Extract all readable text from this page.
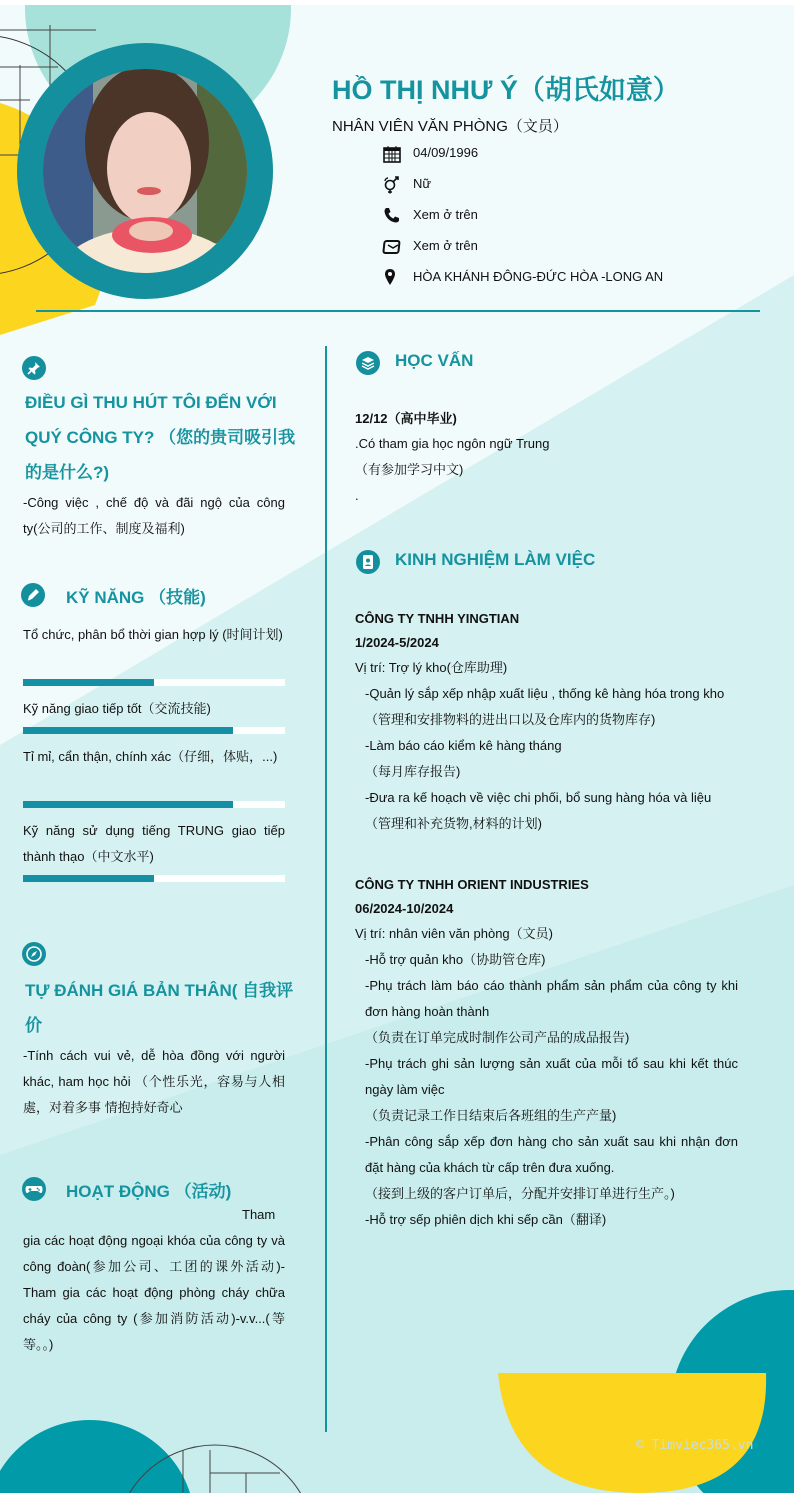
HỒ THỊ NHƯ Ý（胡氏如意）
NHÂN VIÊN VĂN PHÒNG（文员）
04/09/1996
Nữ
Xem ở trên
Xem ở trên
HÒA KHÁNH ĐÔNG-ĐỨC HÒA -LONG AN
ĐIỀU GÌ THU HÚT TÔI ĐẾN VỚI QUÝ CÔNG TY? （您的贵司吸引我的是什么?)
-Công việc , chế độ và đãi ngộ của công ty(公司的工作、制度及福利)
KỸ NĂNG （技能)
Tổ chức, phân bổ thời gian hợp lý (时间计划)
Kỹ năng giao tiếp tốt（交流技能)
Tỉ mỉ, cẩn thận, chính xác（仔细，体贴，...)
Kỹ năng sử dụng tiếng TRUNG giao tiếp thành thạo（中文水平)
TỰ ĐÁNH GIÁ BẢN THÂN( 自我评价
-Tính cách vui vẻ, dễ hòa đồng với người khác, ham học hỏi （个性乐光，容易与人相處，对着多事 情抱持好奇心
HOẠT ĐỘNG （活动)
Tham gia các hoạt động ngoại khóa của công ty và công đoàn(参加公司、工团的课外活动)-Tham gia các hoạt động phòng cháy chữa cháy của công ty (参加消防活动)-v.v...(等等。。)
HỌC VẤN
12/12（高中毕业)
.Có tham gia học ngôn ngữ Trung
（有参加学习中文)
.
KINH NGHIỆM LÀM VIỆC
CÔNG TY TNHH YINGTIAN
1/2024-5/2024
Vị trí: Trợ lý kho(仓库助理)
-Quản lý sắp xếp nhập xuất liệu , thống kê hàng hóa trong kho
（管理和安排物料的进出口以及仓库内的货物库存)
-Làm báo cáo kiểm kê hàng tháng
（每月库存报告)
-Đưa ra kế hoạch về việc chi phối, bổ sung hàng hóa và liệu
（管理和补充货物,材料的计划)
CÔNG TY TNHH ORIENT INDUSTRIES
06/2024-10/2024
Vị trí: nhân viên văn phòng（文员)
-Hỗ trợ quản kho（协助管仓库)
-Phụ trách làm báo cáo thành phẩm sản phẩm của công ty khi đơn hàng hoàn thành
（负责在订单完成时制作公司产品的成品报告)
-Phụ trách ghi sản lượng sản xuất của mỗi tổ sau khi kết thúc ngày làm việc
（负责记录工作日结束后各班组的生产产量)
-Phân công sắp xếp đơn hàng cho sản xuất sau khi nhận đơn đặt hàng của khách từ cấp trên đưa xuống.
（接到上级的客户订单后，分配并安排订单进行生产。)
-Hỗ trợ sếp phiên dịch khi sếp cần（翻译)
© Timviec365.vn
